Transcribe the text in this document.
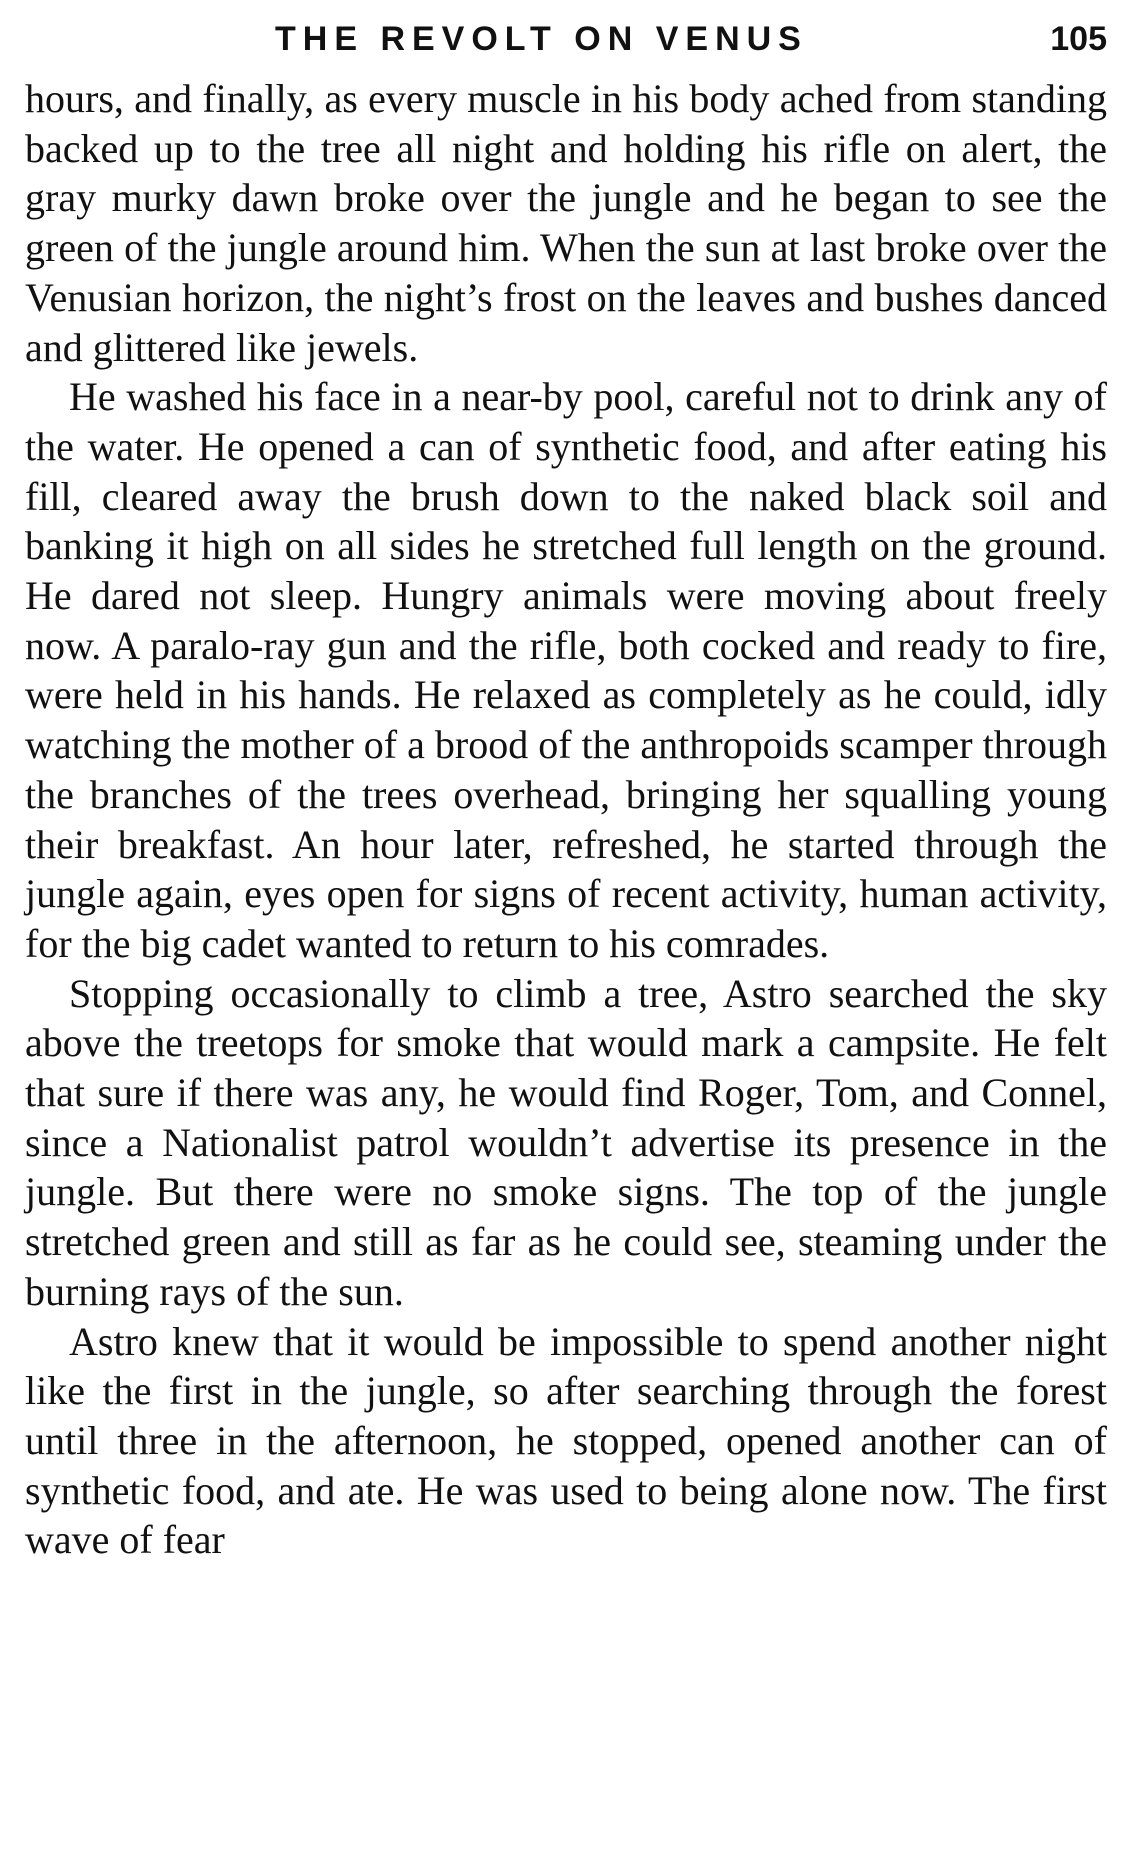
THE REVOLT ON VENUS	105

hours, and finally, as every muscle in his body ached from standing backed up to the tree all night and holding his rifle on alert, the gray murky dawn broke over the jungle and he began to see the green of the jungle around him. When the sun at last broke over the Venusian horizon, the night’s frost on the leaves and bushes danced and glittered like jewels.

He washed his face in a near-by pool, careful not to drink any of the water. He opened a can of synthetic food, and after eating his fill, cleared away the brush down to the naked black soil and banking it high on all sides he stretched full length on the ground. He dared not sleep. Hungry animals were moving about freely now. A paralo-ray gun and the rifle, both cocked and ready to fire, were held in his hands. He relaxed as completely as he could, idly watching the mother of a brood of the anthropoids scamper through the branches of the trees overhead, bringing her squalling young their breakfast. An hour later, refreshed, he started through the jungle again, eyes open for signs of recent activity, human activity, for the big cadet wanted to return to his comrades.

Stopping occasionally to climb a tree, Astro searched the sky above the treetops for smoke that would mark a campsite. He felt that sure if there was any, he would find Roger, Tom, and Connel, since a Nationalist patrol wouldn’t advertise its presence in the jungle. But there were no smoke signs. The top of the jungle stretched green and still as far as he could see, steaming under the burning rays of the sun.

Astro knew that it would be impossible to spend another night like the first in the jungle, so after searching through the forest until three in the afternoon, he stopped, opened another can of synthetic food, and ate. He was used to being alone now. The first wave of fear
